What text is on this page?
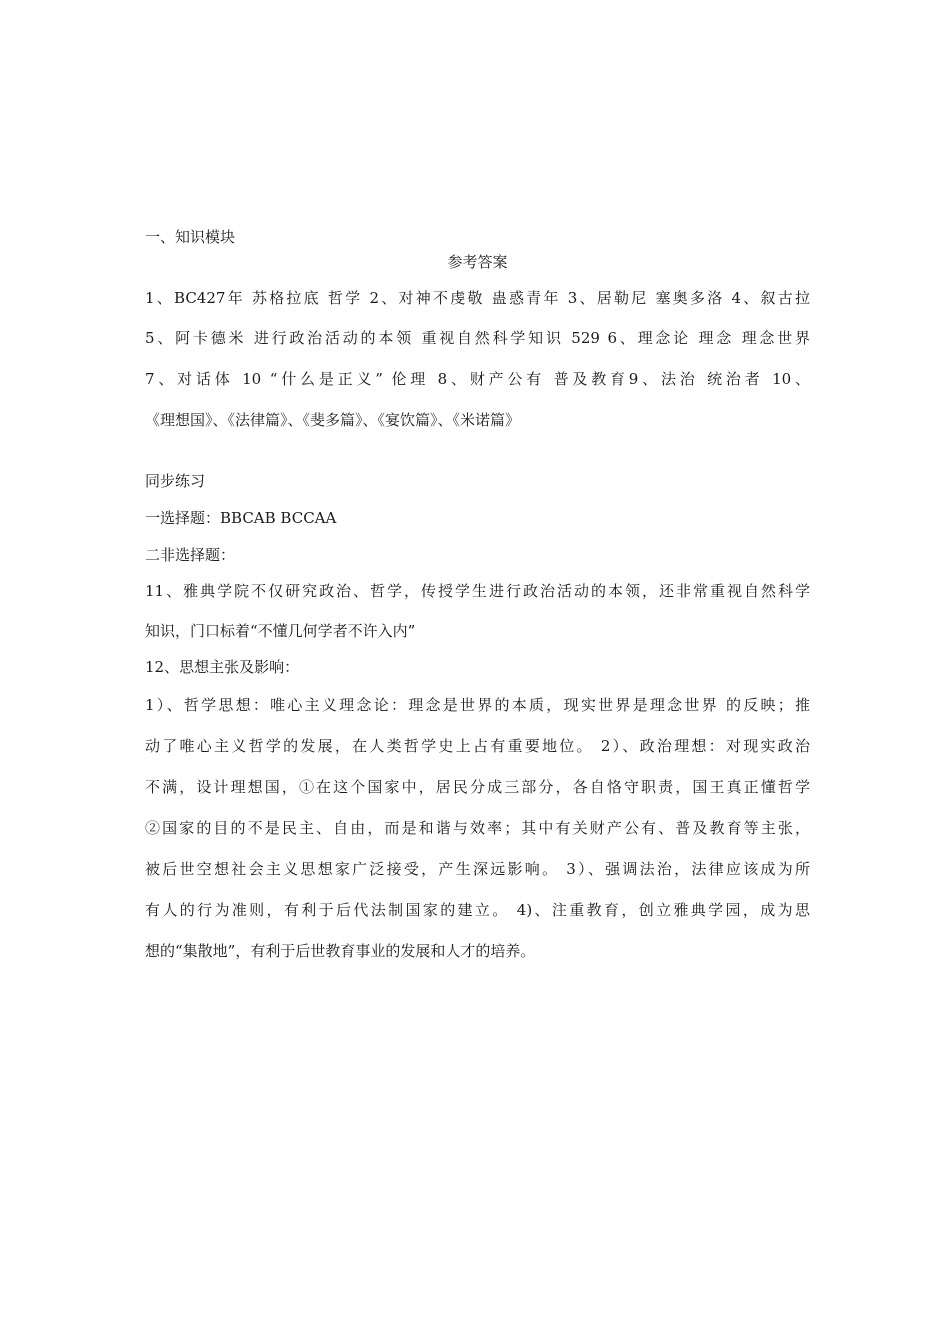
一、知识模块
参考答案
1、BC427年 苏格拉底 哲学 2、对神不虔敬 蛊惑青年 3、居勒尼 塞奥多洛 4、叙古拉
5、阿卡德米 进行政治活动的本领 重视自然科学知识 529 6、理念论 理念 理念世界
7、对话体 10 “什么是正义” 伦理 8、财产公有 普及教育9、法治 统治者 10、
《理想国》、《法律篇》、《斐多篇》、《宴饮篇》、《米诺篇》
同步练习
一选择题：BBCAB BCCAA
二非选择题：
11、雅典学院不仅研究政治、哲学，传授学生进行政治活动的本领，还非常重视自然科学
知识，门口标着“不懂几何学者不许入内”
12、思想主张及影响：
1）、哲学思想：唯心主义理念论：理念是世界的本质，现实世界是理念世界 的反映；推
动了唯心主义哲学的发展，在人类哲学史上占有重要地位。 2）、政治理想：对现实政治
不满，设计理想国，①在这个国家中，居民分成三部分，各自恪守职责，国王真正懂哲学
②国家的目的不是民主、自由，而是和谐与效率；其中有关财产公有、普及教育等主张，
被后世空想社会主义思想家广泛接受，产生深远影响。 3）、强调法治，法律应该成为所
有人的行为准则，有利于后代法制国家的建立。 4)、注重教育，创立雅典学园，成为思
想的“集散地”，有利于后世教育事业的发展和人才的培养。
